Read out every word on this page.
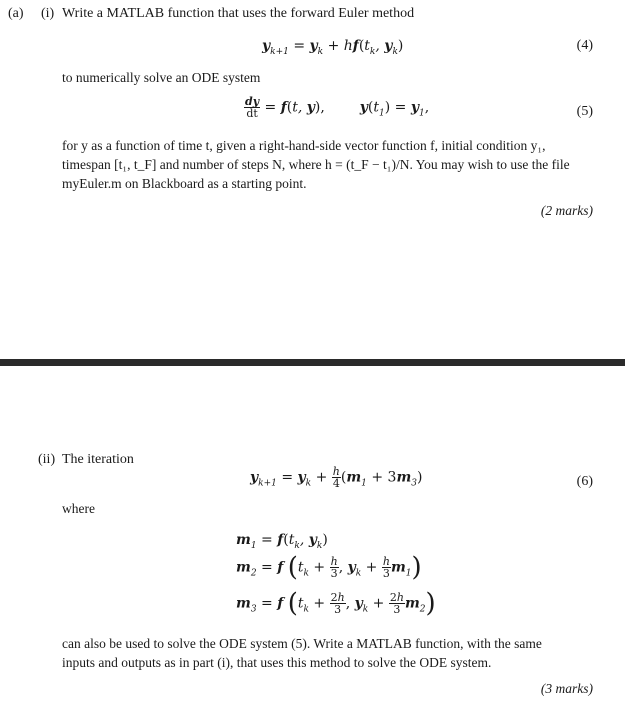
(a) (i) Write a MATLAB function that uses the forward Euler method
$y_{k+1} = y_k + hf(t_k$, $y_k$)	(4)
to numerically solve an ODE system
$\frac{dy}{dt} = f(t$, y), $y(t_1) = y_1$,	(5)
for y as a function of time t, given a right-hand-side vector function f, initial condition y₁,
timespan [t₁, t_F] and number of steps N, where h = (t_F − t₁)/N. You may wish to use the file
myEuler.m on Blackboard as a starting point.
(2 marks)
(ii) The iteration
$y_{k+1} = y_k + \frac{h}{4} (m_1 + 3m_3)$	(6)
where
$m_1 = f(t_k$, $y_k$)
$m_2 = f$ ($t_k + \frac{h}{3}$ , $y_k + \frac{h}{3} m_1$)
$m_3 = f$ ($t_k + \frac{2h}{3}$ , $y_k + \frac{2h}{3} m_2$)
can also be used to solve the ODE system (5). Write a MATLAB function, with the same
inputs and outputs as in part (i), that uses this method to solve the ODE system.
(3 marks)
